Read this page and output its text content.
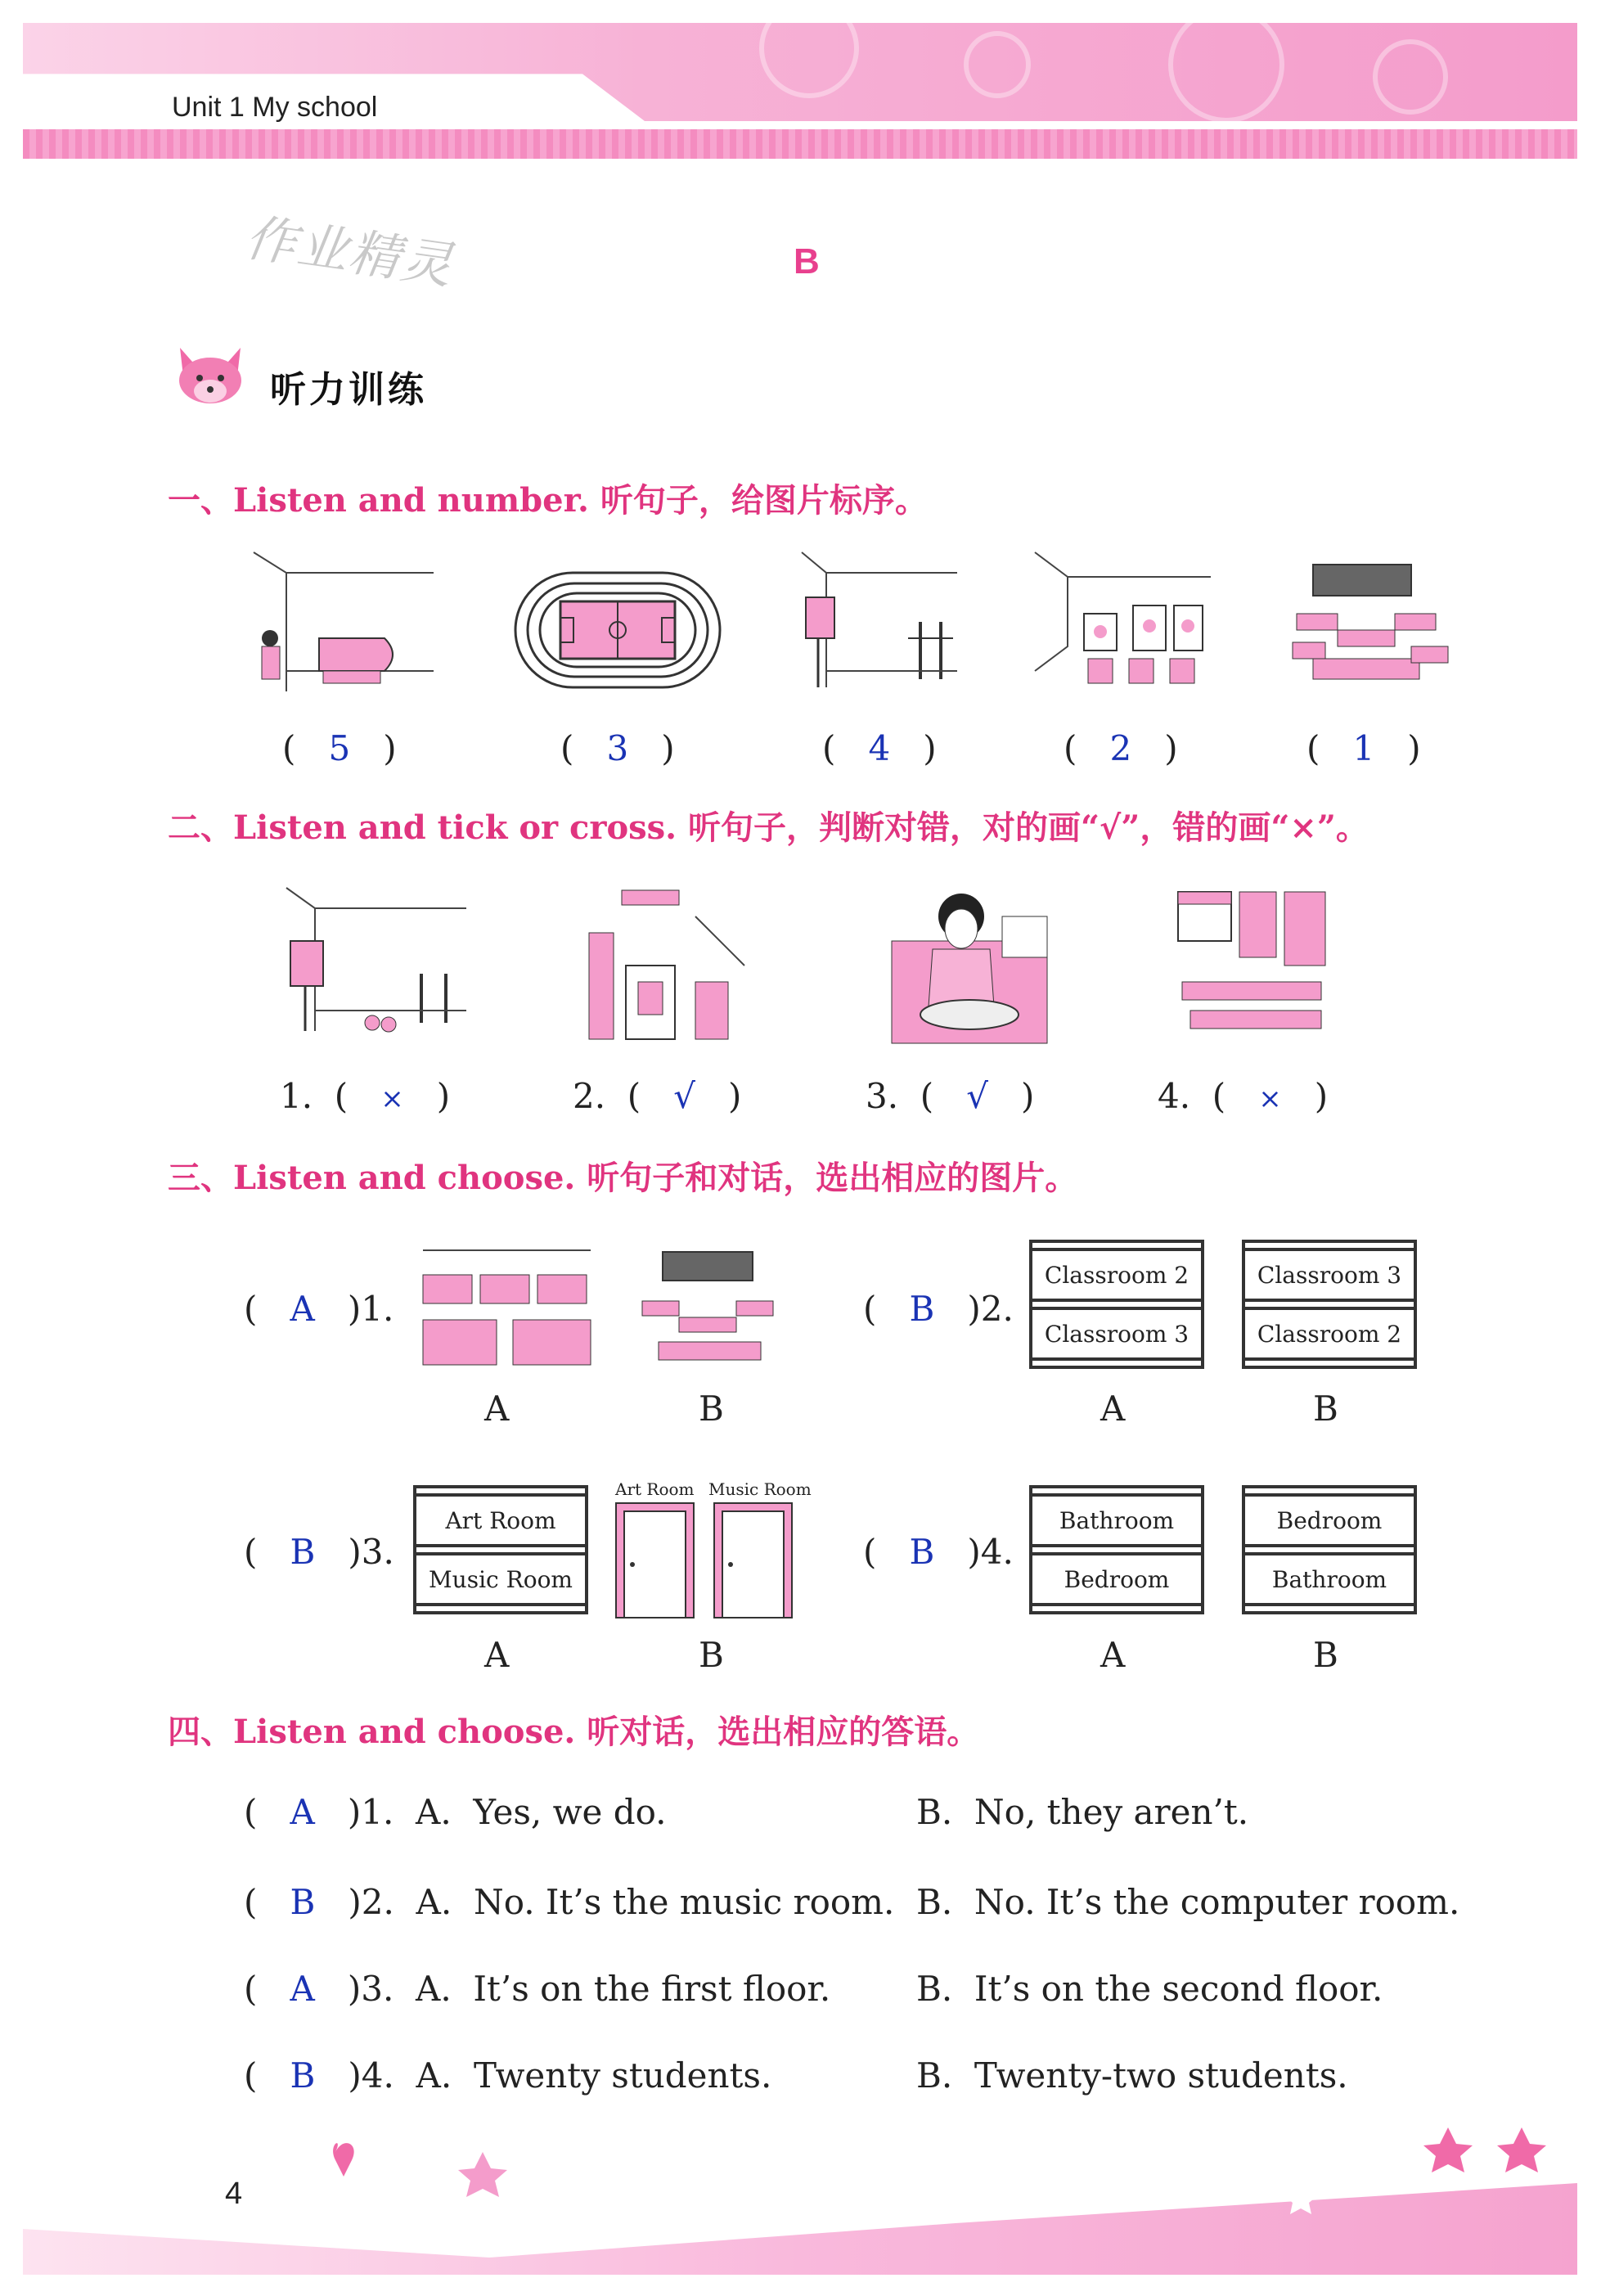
Unit 1 My school
作业精灵	B
听力训练
一、Listen and number. 听句子，给图片标序。
(   5   )	(   3   )	(   4   )	(   2   )	(   1   )
二、Listen and tick or cross. 听句子，判断对错，对的画“√”，错的画“×”。
1.  (   ×   )	2.  (   √   )	3.  (   √   )	4.  (   ×   )
三、Listen and choose. 听句子和对话，选出相应的图片。
(   A )1.
A	B
(   B )2.
Classroom 2
Classroom 3
Classroom 3
Classroom 2
A	B
(   B )3.
Art Room
Music Room
Art Room Music Room
A	B
(   B )4.
Bathroom
Bedroom
Bedroom
Bathroom
A	B
四、Listen and choose. 听对话，选出相应的答语。
(   A )1. A. Yes, we do.	B. No, they aren’t.
(   B )2. A. No. It’s the music room. B. No. It’s the computer room.
(   A )3. A. It’s on the first floor. B. It’s on the second floor.
(   B )4. A. Twenty students.	B. Twenty-two students.
4
